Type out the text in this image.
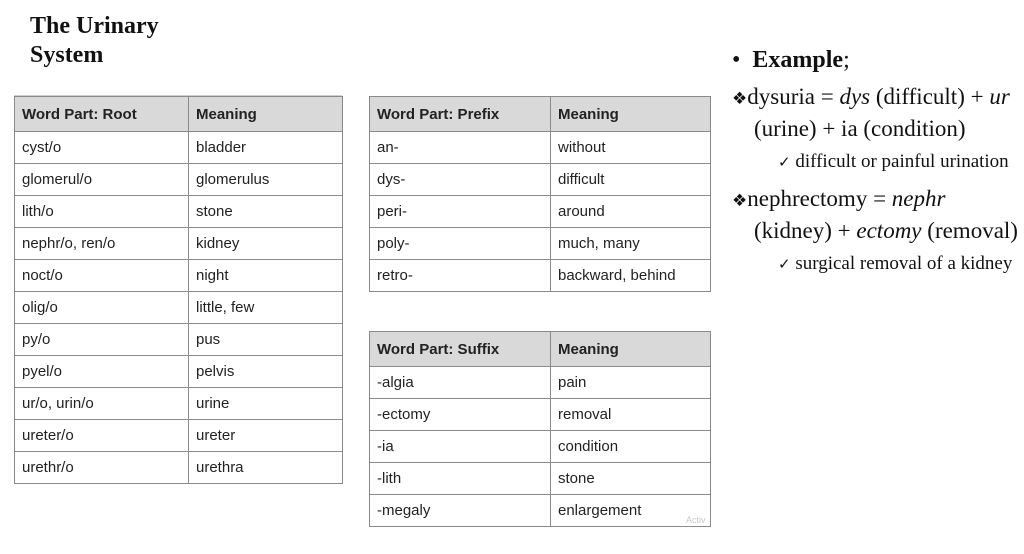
The Urinary
System
Word Part: Root	Meaning
cyst/o	bladder
glomerul/o	glomerulus
lith/o	stone
nephr/o, ren/o	kidney
noct/o	night
olig/o	little, few
py/o	pus
pyel/o	pelvis
ur/o, urin/o	urine
ureter/o	ureter
urethr/o	urethra
Word Part: Prefix	Meaning
an-	without
dys-	difficult
peri-	around
poly-	much, many
retro-	backward, behind
Word Part: Suffix	Meaning
-algia	pain
-ectomy	removal
-ia	condition
-lith	stone
-megaly	enlargement
Activ
• Example;
❖dysuria = dys (difficult) + ur (urine) + ia (condition)
✓ difficult or painful urination
❖nephrectomy = nephr (kidney) + ectomy (removal)
✓ surgical removal of a kidney
